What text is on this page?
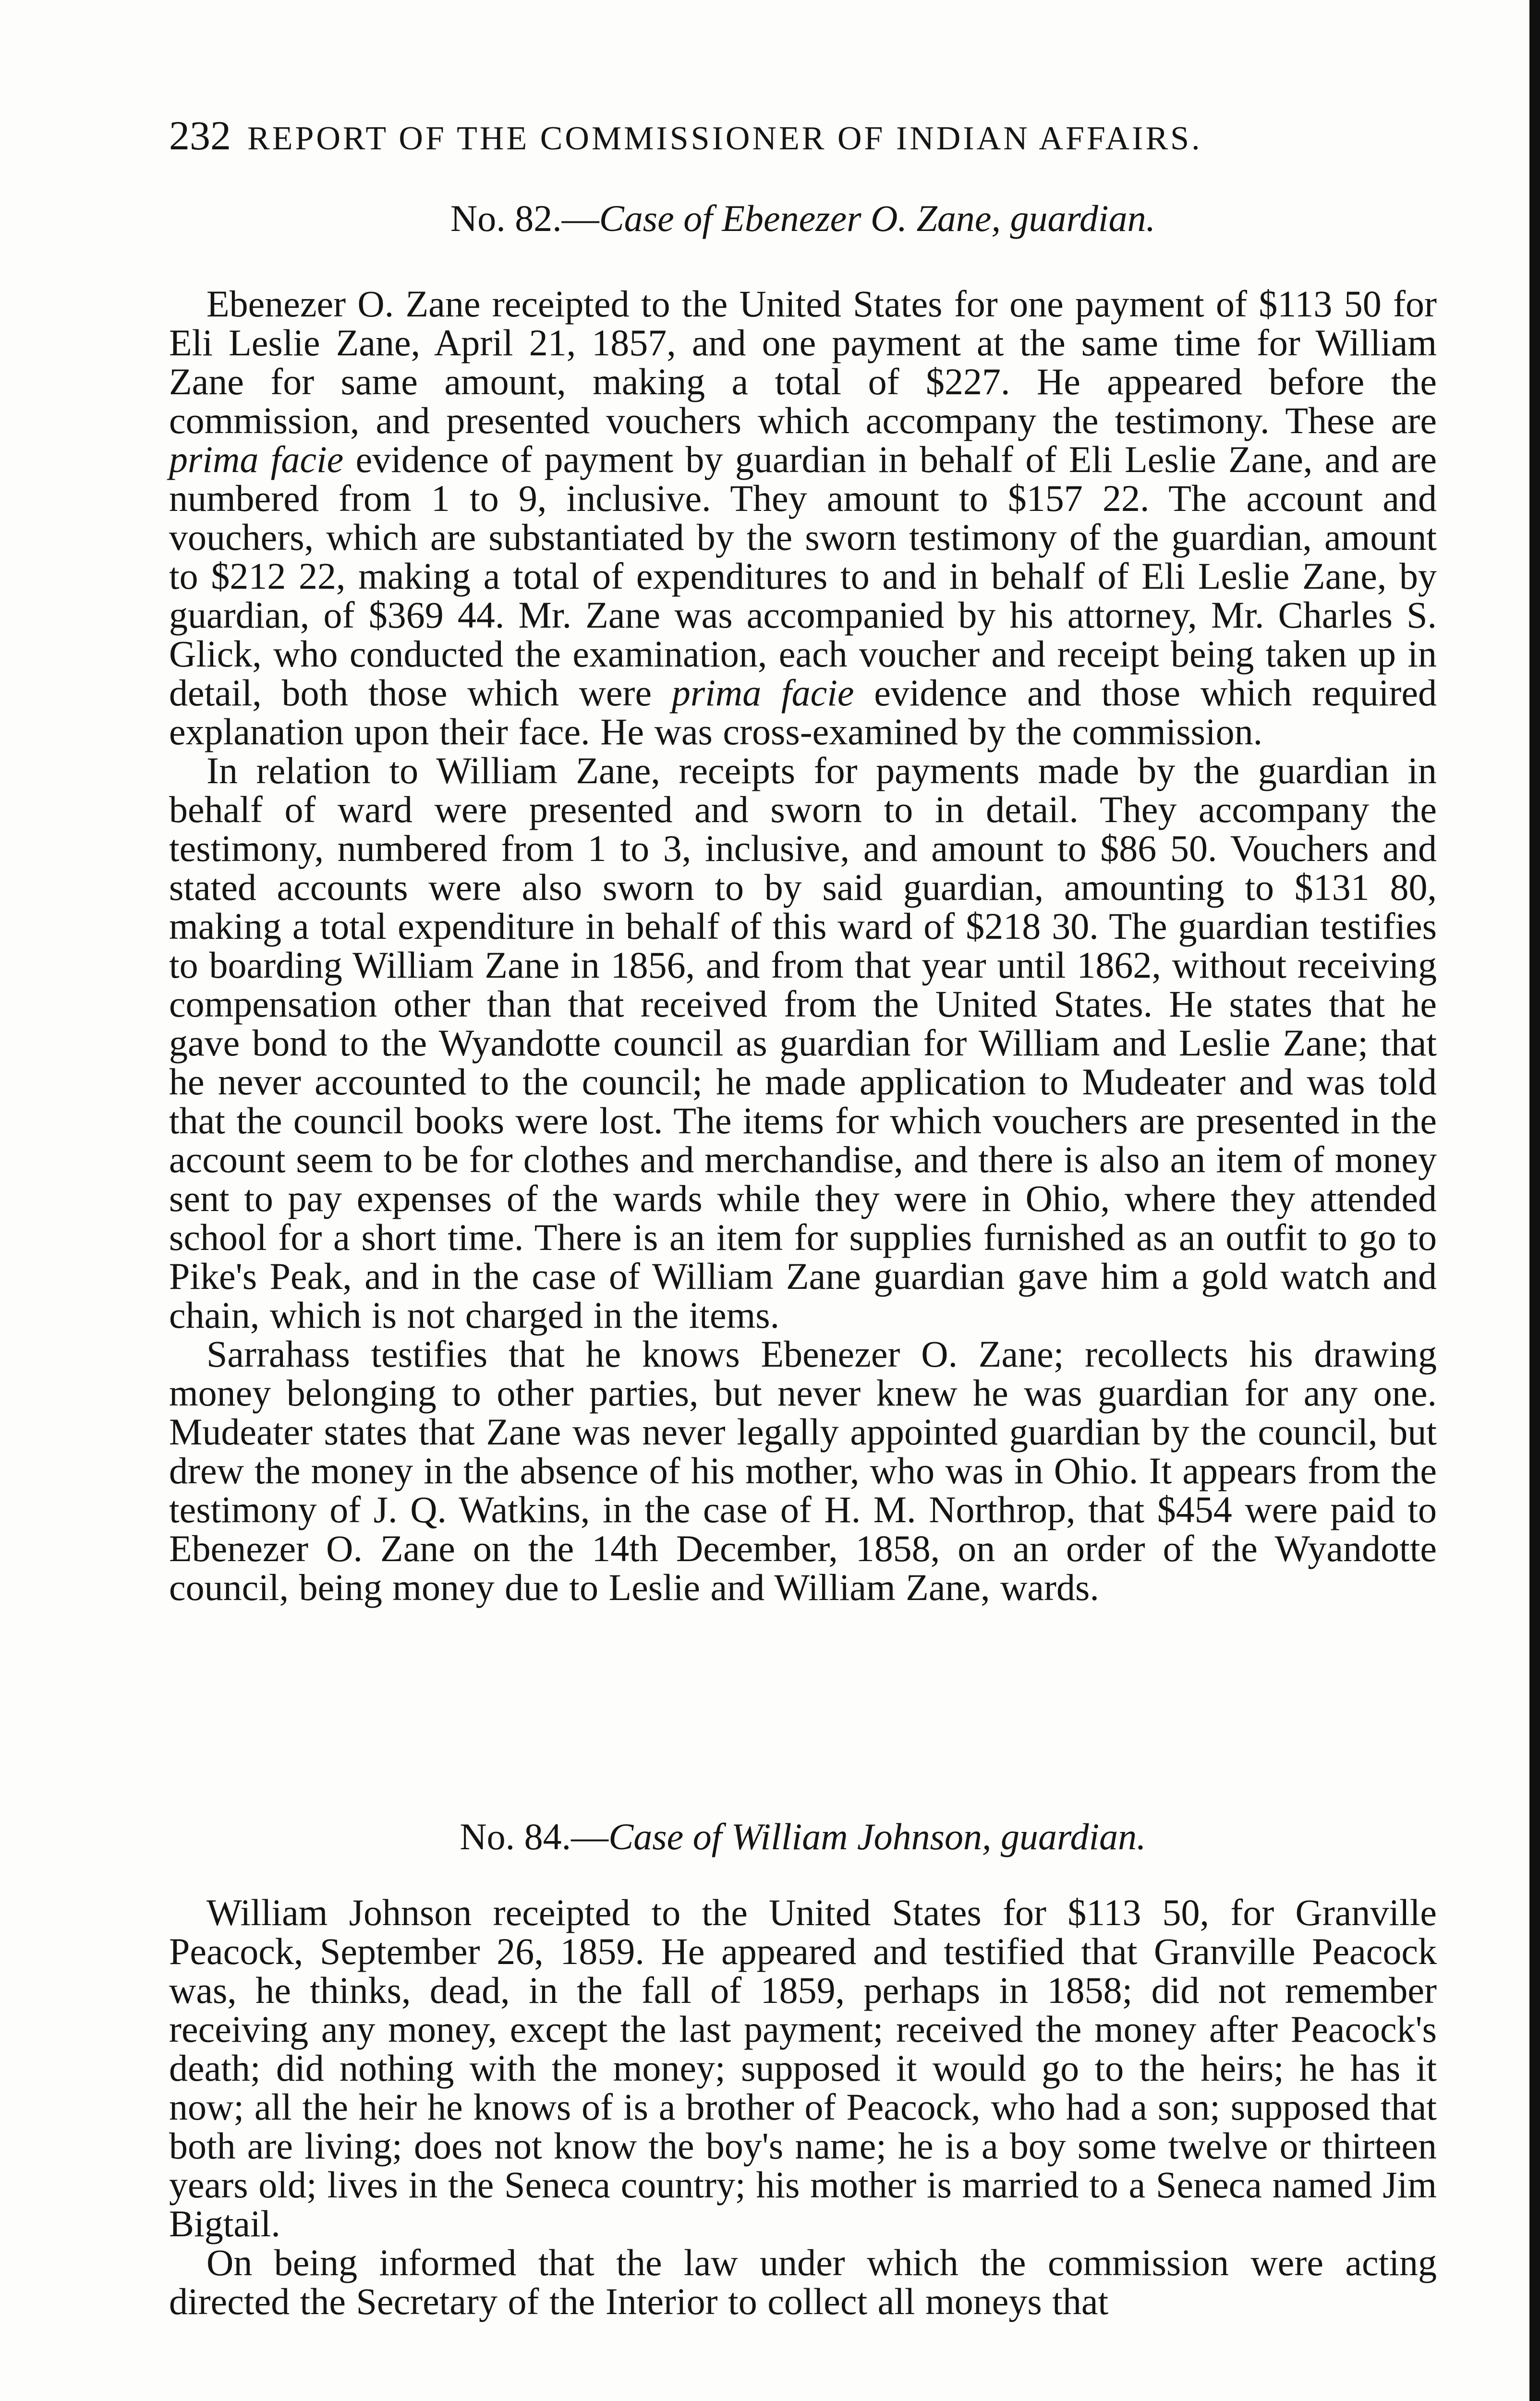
232 REPORT OF THE COMMISSIONER OF INDIAN AFFAIRS.
No. 82.—Case of Ebenezer O. Zane, guardian.

Ebenezer O. Zane receipted to the United States for one payment of $113 50 for Eli Leslie Zane, April 21, 1857, and one payment at the same time for William Zane for same amount, making a total of $227. He appeared before the commission, and presented vouchers which accompany the testimony. These are prima facie evidence of payment by guardian in behalf of Eli Leslie Zane, and are numbered from 1 to 9, inclusive. They amount to $157 22. The account and vouchers, which are substantiated by the sworn testimony of the guardian, amount to $212 22, making a total of expenditures to and in behalf of Eli Leslie Zane, by guardian, of $369 44. Mr. Zane was accompanied by his attorney, Mr. Charles S. Glick, who conducted the examination, each voucher and receipt being taken up in detail, both those which were prima facie evidence and those which required explanation upon their face. He was cross-examined by the commission.

In relation to William Zane, receipts for payments made by the guardian in behalf of ward were presented and sworn to in detail. They accompany the testimony, numbered from 1 to 3, inclusive, and amount to $86 50. Vouchers and stated accounts were also sworn to by said guardian, amounting to $131 80, making a total expenditure in behalf of this ward of $218 30. The guardian testifies to boarding William Zane in 1856, and from that year until 1862, without receiving compensation other than that received from the United States. He states that he gave bond to the Wyandotte council as guardian for William and Leslie Zane; that he never accounted to the council; he made application to Mudeater and was told that the council books were lost. The items for which vouchers are presented in the account seem to be for clothes and merchandise, and there is also an item of money sent to pay expenses of the wards while they were in Ohio, where they attended school for a short time. There is an item for supplies furnished as an outfit to go to Pike's Peak, and in the case of William Zane guardian gave him a gold watch and chain, which is not charged in the items.

Sarrahass testifies that he knows Ebenezer O. Zane; recollects his drawing money belonging to other parties, but never knew he was guardian for any one. Mudeater states that Zane was never legally appointed guardian by the council, but drew the money in the absence of his mother, who was in Ohio. It appears from the testimony of J. Q. Watkins, in the case of H. M. Northrop, that $454 were paid to Ebenezer O. Zane on the 14th December, 1858, on an order of the Wyandotte council, being money due to Leslie and William Zane, wards.

No. 84.—Case of William Johnson, guardian.

William Johnson receipted to the United States for $113 50, for Granville Peacock, September 26, 1859. He appeared and testified that Granville Peacock was, he thinks, dead, in the fall of 1859, perhaps in 1858; did not remember receiving any money, except the last payment; received the money after Peacock's death; did nothing with the money; supposed it would go to the heirs; he has it now; all the heir he knows of is a brother of Peacock, who had a son; supposed that both are living; does not know the boy's name; he is a boy some twelve or thirteen years old; lives in the Seneca country; his mother is married to a Seneca named Jim Bigtail.

On being informed that the law under which the commission were acting directed the Secretary of the Interior to collect all moneys that
